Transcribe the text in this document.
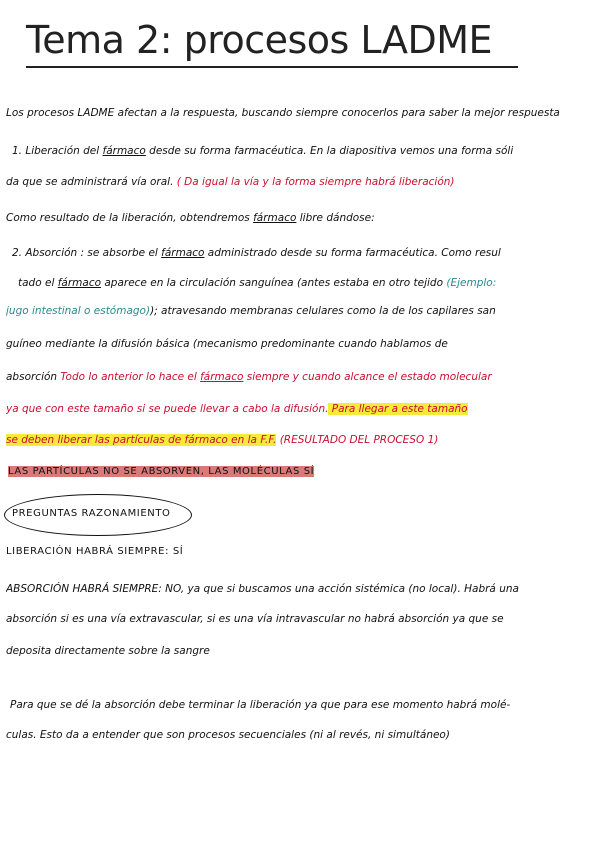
Tema 2: procesos LADME
Los procesos LADME afectan a la respuesta, buscando siempre conocerlos para saber la mejor respuesta
1. Liberación del fármaco desde su forma farmacéutica. En la diapositiva vemos una forma sóli
da que se administrará vía oral. ( Da igual la vía y la forma siempre habrá liberación)
Como resultado de la liberación, obtendremos fármaco libre dándose:
2. Absorción : se absorbe el fármaco administrado desde su forma farmacéutica. Como resul
tado el fármaco aparece en la circulación sanguínea (antes estaba en otro tejido (Ejemplo:
jugo intestinal o estómago)); atravesando membranas celulares como la de los capilares san
guíneo mediante la difusión básica (mecanismo predominante cuando hablamos de
absorción Todo lo anterior lo hace el fármaco siempre y cuando alcance el estado molecular
ya que con este tamaño si se puede llevar a cabo la difusión. Para llegar a este tamaño
se deben liberar las partículas de fármaco en la F.F. (RESULTADO DEL PROCESO 1)
LAS PARTÍCULAS NO SE ABSORVEN, LAS MOLÉCULAS SÍ
PREGUNTAS RAZONAMIENTO
LIBERACIÓN HABRÁ SIEMPRE: SÍ
ABSORCIÓN HABRÁ SIEMPRE: NO, ya que si buscamos una acción sistémica (no local). Habrá una
absorción si es una vía extravascular, si es una vía intravascular no habrá absorción ya que se
deposita directamente sobre la sangre
Para que se dé la absorción debe terminar la liberación ya que para ese momento habrá molé-
culas. Esto da a entender que son procesos secuenciales (ni al revés, ni simultáneo)
